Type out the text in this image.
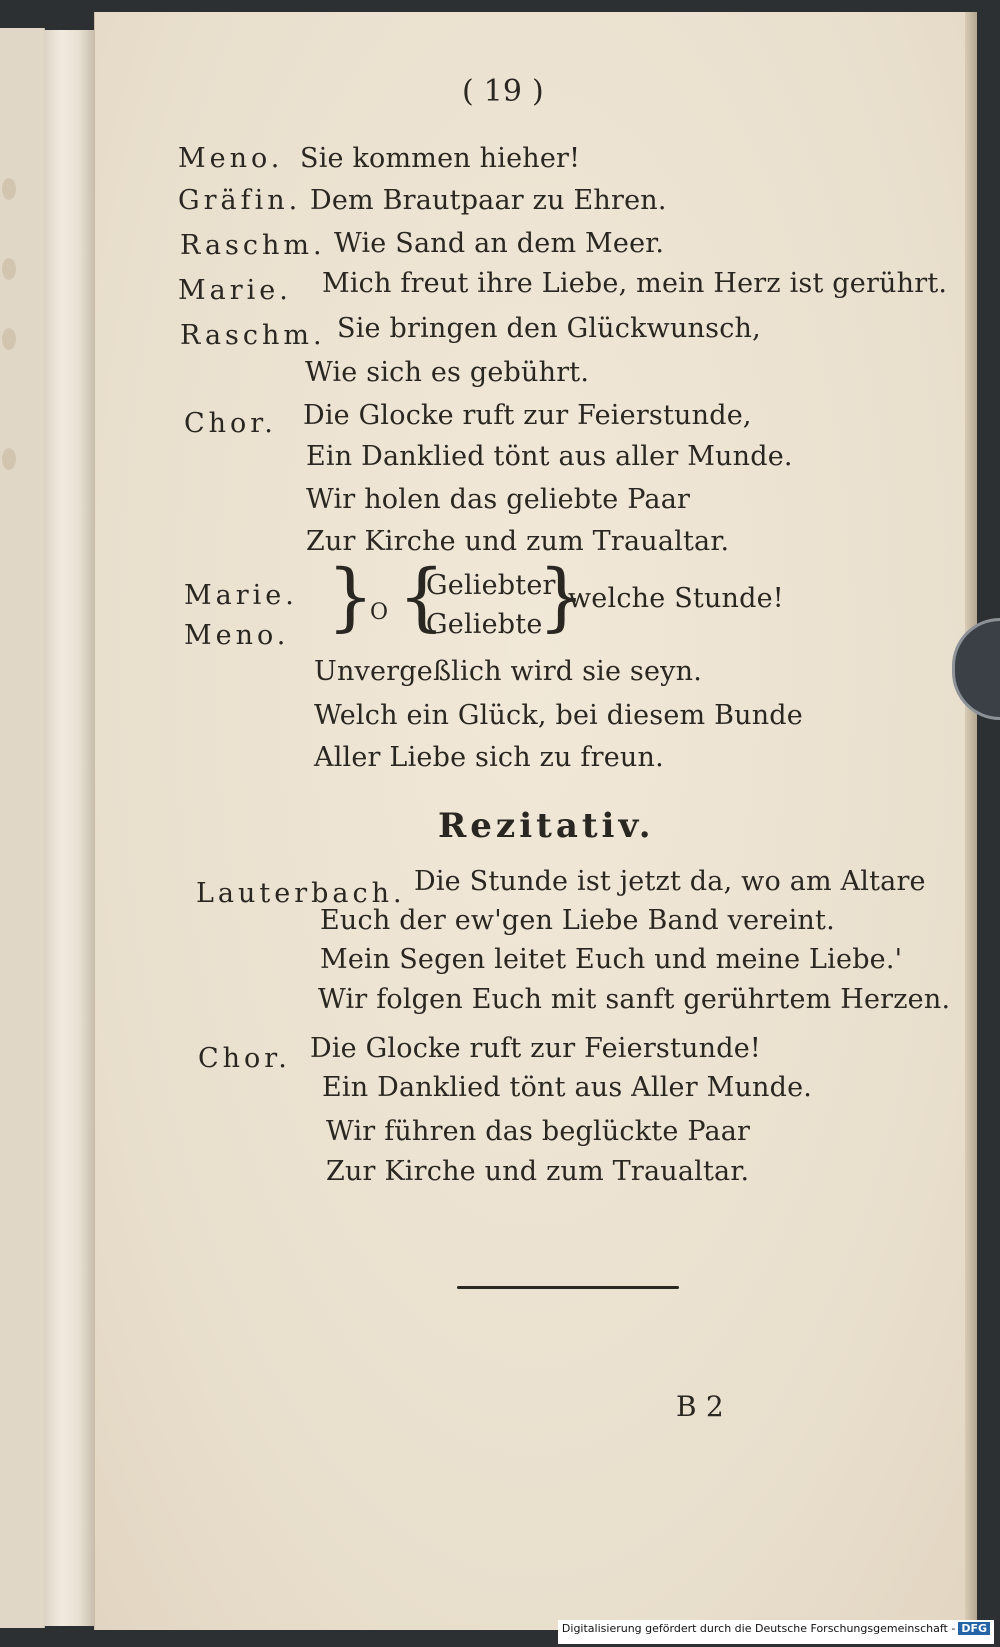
( 19 )
Meno. Sie kommen hieher!
Gräfin. Dem Brautpaar zu Ehren.
Raschm. Wie Sand an dem Meer.
Marie. Mich freut ihre Liebe, mein Herz ist gerührt.
Raschm. Sie bringen den Glückwunsch,
Wie sich es gebührt.
Chor. Die Glocke ruft zur Feierstunde,
Ein Danklied tönt aus aller Munde.
Wir holen das geliebte Paar
Zur Kirche und zum Traualtar.
Marie.
Meno. }
O {
Geliebter
Geliebte
}
welche Stunde!
Unvergeßlich wird sie seyn.
Welch ein Glück, bei diesem Bunde
Aller Liebe sich zu freun.
Rezitativ.
Lauterbach. Die Stunde ist jetzt da, wo am Altare
Euch der ew'gen Liebe Band vereint.
Mein Segen leitet Euch und meine Liebe.'
Wir folgen Euch mit sanft gerührtem Herzen.
Chor. Die Glocke ruft zur Feierstunde!
Ein Danklied tönt aus Aller Munde.
Wir führen das beglückte Paar
Zur Kirche und zum Traualtar.
B 2
Digitalisierung gefördert durch die Deutsche Forschungsgemeinschaft - DFG
